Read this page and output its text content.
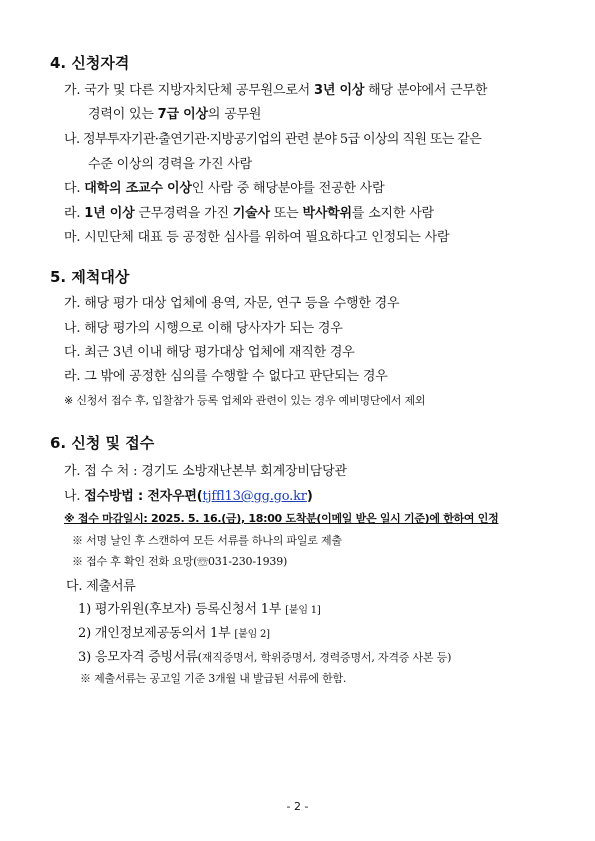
4. 신청자격
가. 국가 및 다른 지방자치단체 공무원으로서 3년 이상 해당 분야에서 근무한
경력이 있는 7급 이상의 공무원
나. 정부투자기관·출연기관·지방공기업의 관련 분야 5급 이상의 직원 또는 같은
수준 이상의 경력을 가진 사람
다. 대학의 조교수 이상인 사람 중 해당분야를 전공한 사람
라. 1년 이상 근무경력을 가진 기술사 또는 박사학위를 소지한 사람
마. 시민단체 대표 등 공정한 심사를 위하여 필요하다고 인정되는 사람
5. 제척대상
가. 해당 평가 대상 업체에 용역, 자문, 연구 등을 수행한 경우
나. 해당 평가의 시행으로 이해 당사자가 되는 경우
다. 최근 3년 이내 해당 평가대상 업체에 재직한 경우
라. 그 밖에 공정한 심의를 수행할 수 없다고 판단되는 경우
※ 신청서 접수 후, 입찰참가 등록 업체와 관련이 있는 경우 예비명단에서 제외
6. 신청 및 접수
가. 접 수 처 : 경기도 소방재난본부 회계장비담당관
나. 접수방법 : 전자우편(tjffl13@gg.go.kr)
※ 접수 마감일시: 2025. 5. 16.(금), 18:00 도착분(이메일 받은 일시 기준)에 한하여 인정
※ 서명 날인 후 스캔하여 모든 서류를 하나의 파일로 제출
※ 접수 후 확인 전화 요망(☏031-230-1939)
다. 제출서류
1) 평가위원(후보자) 등록신청서 1부 [붙임 1]
2) 개인정보제공동의서 1부 [붙임 2]
3) 응모자격 증빙서류(재직증명서, 학위증명서, 경력증명서, 자격증 사본 등)
※ 제출서류는 공고일 기준 3개월 내 발급된 서류에 한함.
- 2 -
